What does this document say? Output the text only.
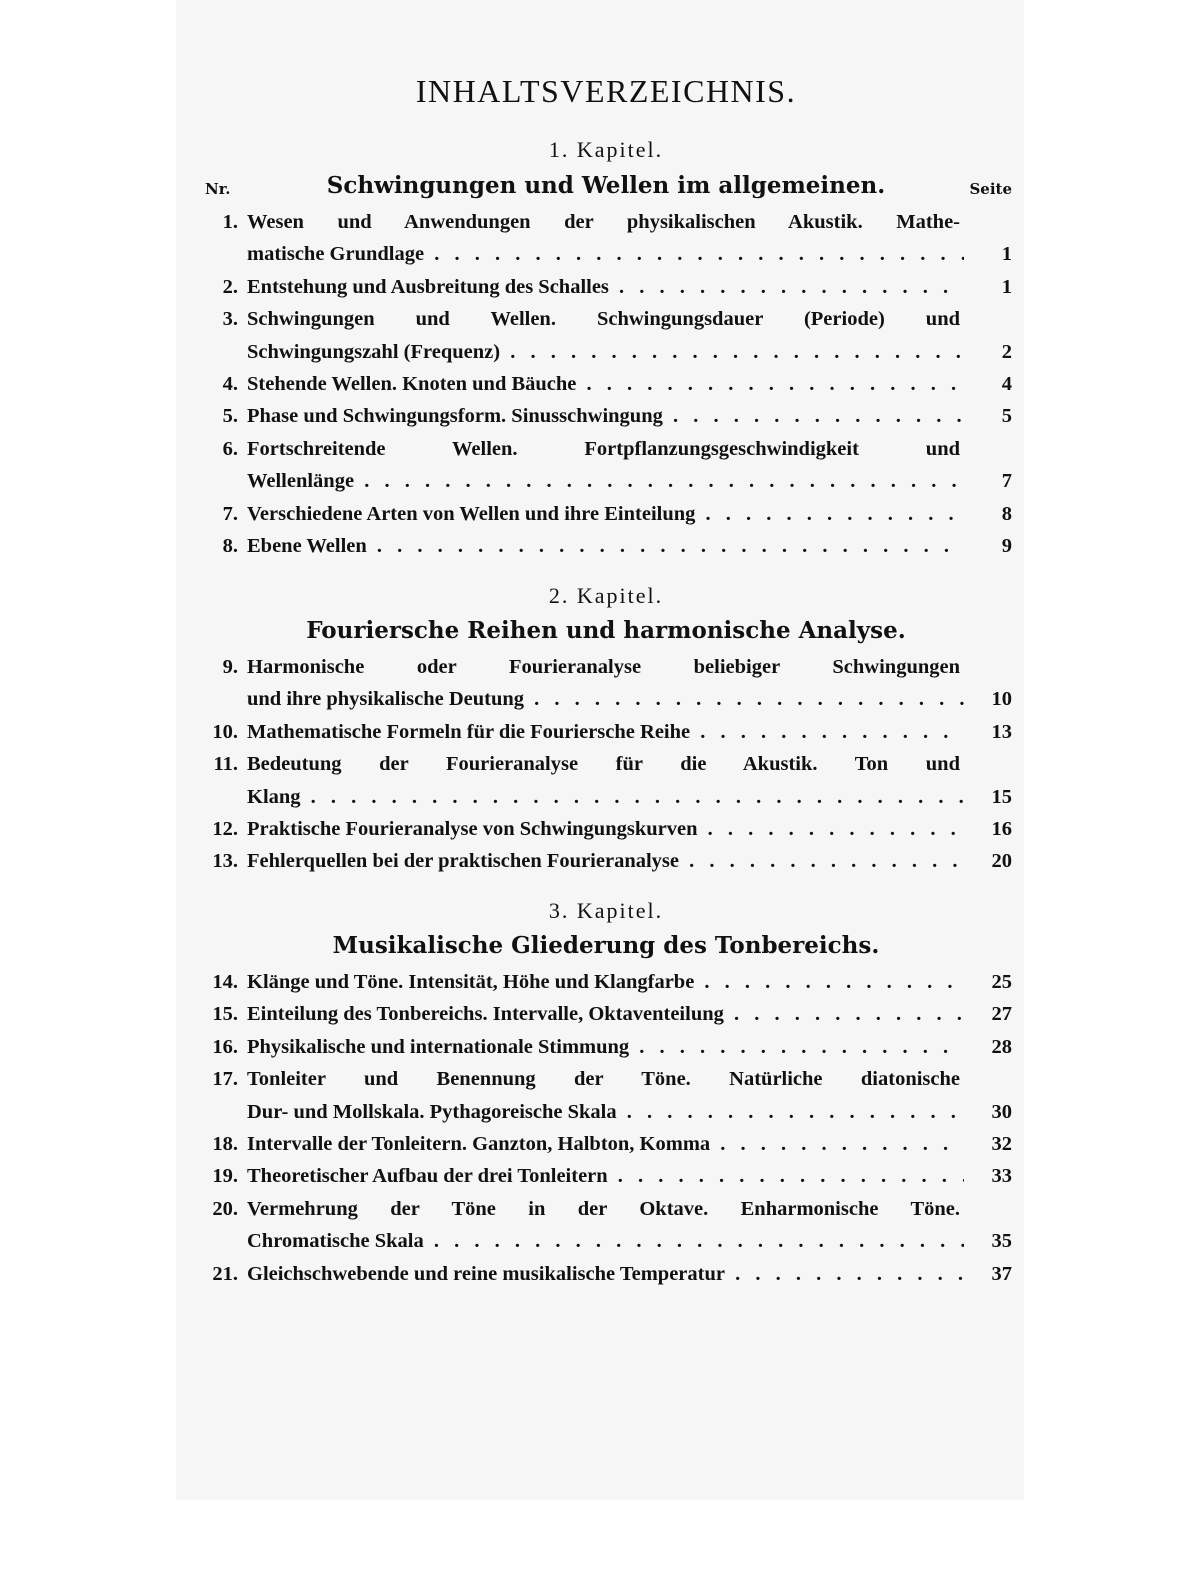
INHALTSVERZEICHNIS.
Nr.	Seite
1. Kapitel.
Schwingungen und Wellen im allgemeinen.
1. Wesen und Anwendungen der physikalischen Akustik. Mathe-
matische Grundlage . . .	1
2. Entstehung und Ausbreitung des Schalles . . .	1
3. Schwingungen und Wellen. Schwingungsdauer (Periode) und
Schwingungszahl (Frequenz) . . .	2
4. Stehende Wellen. Knoten und Bäuche . . .	4
5. Phase und Schwingungsform. Sinusschwingung . . .	5
6. Fortschreitende Wellen. Fortpflanzungsgeschwindigkeit und
Wellenlänge . . .	7
7. Verschiedene Arten von Wellen und ihre Einteilung . . .	8
8. Ebene Wellen . . .	9
2. Kapitel.
Fouriersche Reihen und harmonische Analyse.
9. Harmonische oder Fourieranalyse beliebiger Schwingungen
und ihre physikalische Deutung . . .	10
10. Mathematische Formeln für die Fouriersche Reihe . . .	13
11. Bedeutung der Fourieranalyse für die Akustik. Ton und
Klang . . .	15
12. Praktische Fourieranalyse von Schwingungskurven . . .	16
13. Fehlerquellen bei der praktischen Fourieranalyse . . .	20
3. Kapitel.
Musikalische Gliederung des Tonbereichs.
14. Klänge und Töne. Intensität, Höhe und Klangfarbe . . .	25
15. Einteilung des Tonbereichs. Intervalle, Oktaventeilung . . .	27
16. Physikalische und internationale Stimmung . . .	28
17. Tonleiter und Benennung der Töne. Natürliche diatonische
Dur- und Mollskala. Pythagoreische Skala . . .	30
18. Intervalle der Tonleitern. Ganzton, Halbton, Komma . . .	32
19. Theoretischer Aufbau der drei Tonleitern . . .	33
20. Vermehrung der Töne in der Oktave. Enharmonische Töne.
Chromatische Skala . . .	35
21. Gleichschwebende und reine musikalische Temperatur . . .	37
